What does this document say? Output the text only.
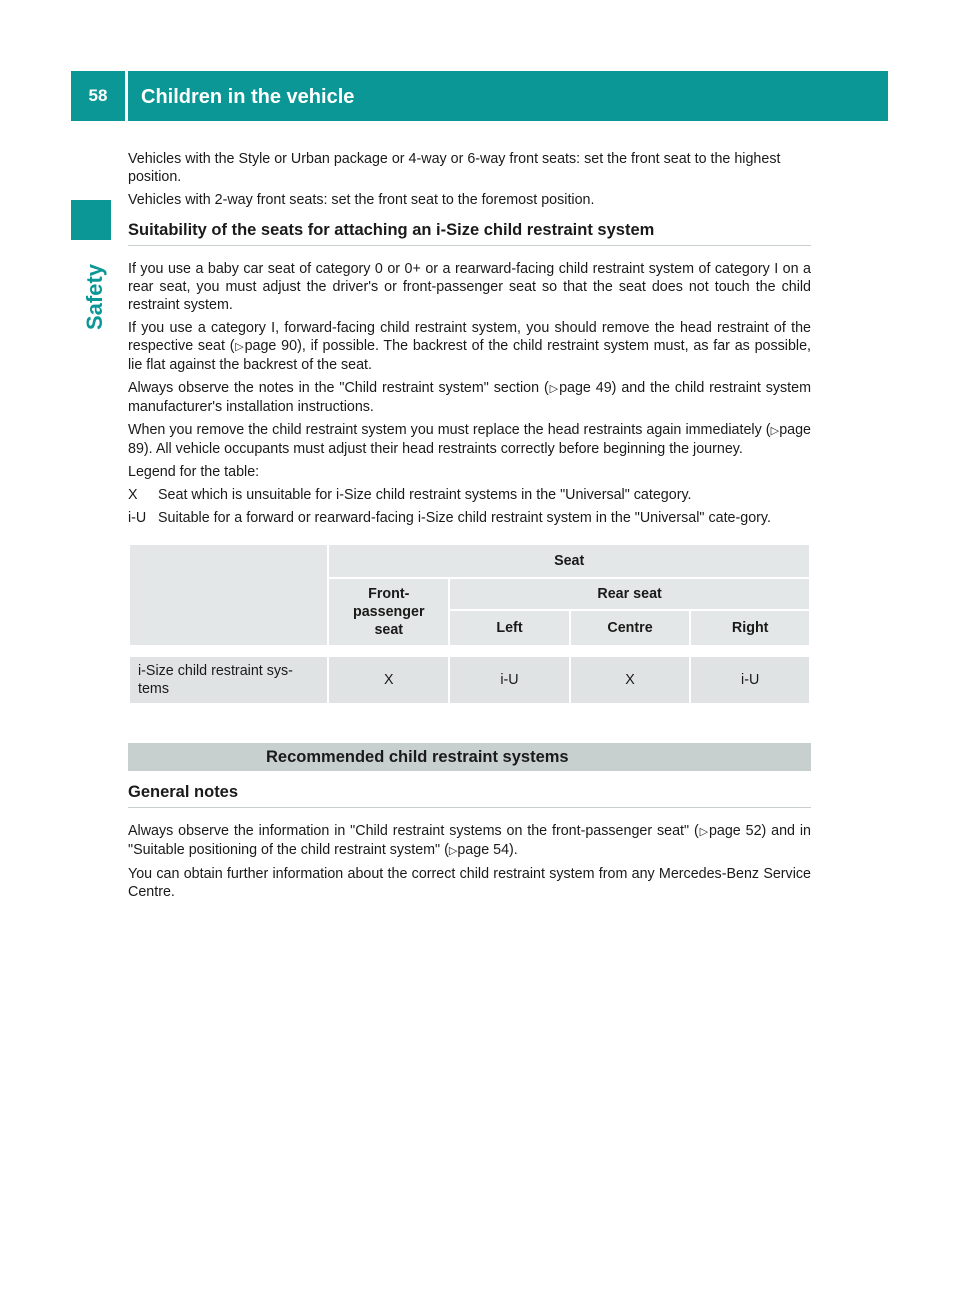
58	Children in the vehicle
Safety

Vehicles with the Style or Urban package or 4-way or 6-way front seats: set the front seat to the highest position.

Vehicles with 2-way front seats: set the front seat to the foremost position.

Suitability of the seats for attaching an i-Size child restraint system

If you use a baby car seat of category 0 or 0+ or a rearward-facing child restraint system of category I on a rear seat, you must adjust the driver's or front-passenger seat so that the seat does not touch the child restraint system.

If you use a category I, forward-facing child restraint system, you should remove the head restraint of the respective seat (▷page 90), if possible. The backrest of the child restraint system must, as far as possible, lie flat against the backrest of the seat.

Always observe the notes in the "Child restraint system" section (▷page 49) and the child restraint system manufacturer's installation instructions.

When you remove the child restraint system you must replace the head restraints again immediately (▷page 89). All vehicle occupants must adjust their head restraints correctly before beginning the journey.

Legend for the table:

X	Seat which is unsuitable for i-Size child restraint systems in the "Universal" category.
i-U Suitable for a forward or rearward-facing i-Size child restraint system in the "Universal" cate-gory.
	Seat			
	Front-passenger seat	Rear seat		
		Left	Centre	Right

i-Size child restraint sys-tems	X	i-U	X	i-U
Recommended child restraint systems
General notes

Always observe the information in "Child restraint systems on the front-passenger seat" (▷page 52) and in "Suitable positioning of the child restraint system" (▷page 54).

You can obtain further information about the correct child restraint system from any Mercedes-Benz Service Centre.
